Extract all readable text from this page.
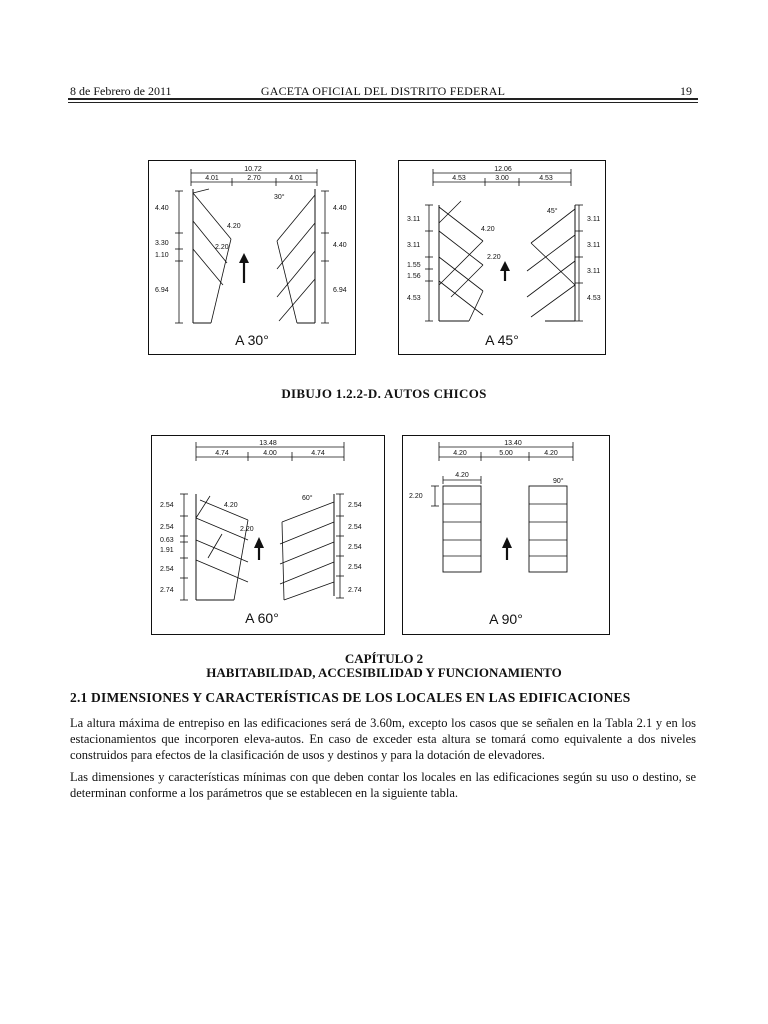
8 de Febrero de 2011	GACETA OFICIAL DEL DISTRITO FEDERAL	19
10.72
4.01	2.70	4.01
4.40
3.30
1.10
6.94
4.40
4.40
6.94
4.20
2.20
30°
A 30°
12.06
4.53	3.00	4.53
3.11
3.11
1.55
1.56
4.53
3.11
3.11
3.11
4.53
4.20
2.20
45°
A 45°
DIBUJO 1.2.2-D. AUTOS CHICOS
13.48
4.74	4.00	4.74
2.54
2.54
0.63
1.91
2.54
2.74
2.54
2.54
2.54
2.54
2.74
4.20
2.20
60°
A 60°
13.40
4.20	5.00	4.20
4.20
2.20
90°
A 90°
CAPÍTULO 2
HABITABILIDAD, ACCESIBILIDAD Y FUNCIONAMIENTO
2.1 DIMENSIONES Y CARACTERÍSTICAS DE LOS LOCALES EN LAS EDIFICACIONES

La altura máxima de entrepiso en las edificaciones será de 3.60m, excepto los casos que se señalen en la Tabla 2.1 y en los estacionamientos que incorporen eleva-autos. En caso de exceder esta altura se tomará como equivalente a dos niveles construidos para efectos de la clasificación de usos y destinos y para la dotación de elevadores.

Las dimensiones y características mínimas con que deben contar los locales en las edificaciones según su uso o destino, se determinan conforme a los parámetros que se establecen en la siguiente tabla.
